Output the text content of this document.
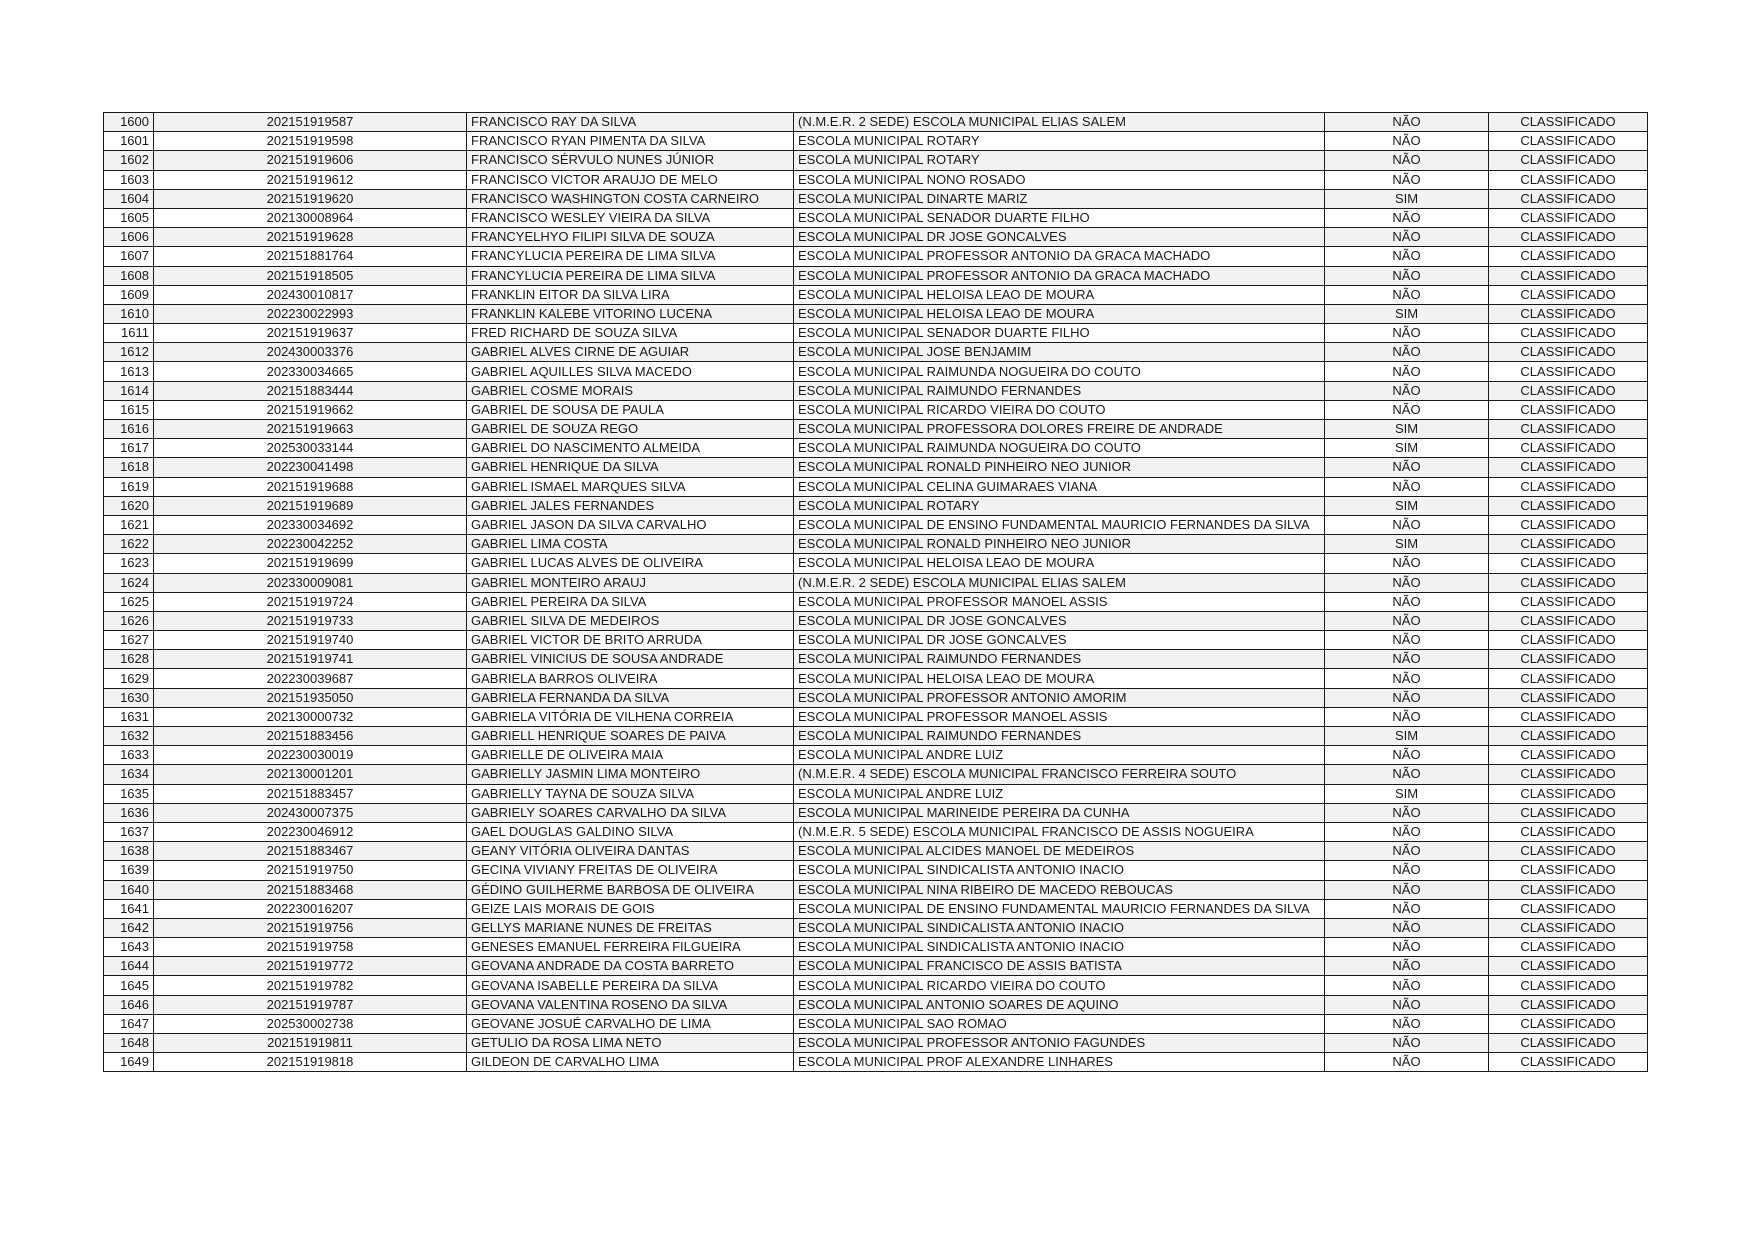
1600	202151919587	FRANCISCO RAY DA SILVA	(N.M.E.R. 2 SEDE) ESCOLA MUNICIPAL ELIAS SALEM	NÃO	CLASSIFICADO
1601	202151919598	FRANCISCO RYAN PIMENTA DA SILVA	ESCOLA MUNICIPAL ROTARY	NÃO	CLASSIFICADO
1602	202151919606	FRANCISCO SÉRVULO NUNES JÚNIOR	ESCOLA MUNICIPAL ROTARY	NÃO	CLASSIFICADO
1603	202151919612	FRANCISCO VICTOR ARAUJO DE MELO	ESCOLA MUNICIPAL NONO ROSADO	NÃO	CLASSIFICADO
1604	202151919620	FRANCISCO WASHINGTON COSTA CARNEIRO	ESCOLA MUNICIPAL DINARTE MARIZ	SIM	CLASSIFICADO
1605	202130008964	FRANCISCO WESLEY VIEIRA DA SILVA	ESCOLA MUNICIPAL SENADOR DUARTE FILHO	NÃO	CLASSIFICADO
1606	202151919628	FRANCYELHYO FILIPI SILVA DE SOUZA	ESCOLA MUNICIPAL DR JOSE GONCALVES	NÃO	CLASSIFICADO
1607	202151881764	FRANCYLUCIA PEREIRA DE LIMA SILVA	ESCOLA MUNICIPAL PROFESSOR ANTONIO DA GRACA MACHADO	NÃO	CLASSIFICADO
1608	202151918505	FRANCYLUCIA PEREIRA DE LIMA SILVA	ESCOLA MUNICIPAL PROFESSOR ANTONIO DA GRACA MACHADO	NÃO	CLASSIFICADO
1609	202430010817	FRANKLIN EITOR DA SILVA LIRA	ESCOLA MUNICIPAL HELOISA LEAO DE MOURA	NÃO	CLASSIFICADO
1610	202230022993	FRANKLIN KALEBE VITORINO LUCENA	ESCOLA MUNICIPAL HELOISA LEAO DE MOURA	SIM	CLASSIFICADO
1611	202151919637	FRED RICHARD DE SOUZA SILVA	ESCOLA MUNICIPAL SENADOR DUARTE FILHO	NÃO	CLASSIFICADO
1612	202430003376	GABRIEL ALVES CIRNE DE AGUIAR	ESCOLA MUNICIPAL JOSE BENJAMIM	NÃO	CLASSIFICADO
1613	202330034665	GABRIEL AQUILLES SILVA MACEDO	ESCOLA MUNICIPAL RAIMUNDA NOGUEIRA DO COUTO	NÃO	CLASSIFICADO
1614	202151883444	GABRIEL COSME MORAIS	ESCOLA MUNICIPAL RAIMUNDO FERNANDES	NÃO	CLASSIFICADO
1615	202151919662	GABRIEL DE SOUSA DE PAULA	ESCOLA MUNICIPAL RICARDO VIEIRA DO COUTO	NÃO	CLASSIFICADO
1616	202151919663	GABRIEL DE SOUZA REGO	ESCOLA MUNICIPAL PROFESSORA DOLORES FREIRE DE ANDRADE	SIM	CLASSIFICADO
1617	202530033144	GABRIEL DO NASCIMENTO ALMEIDA	ESCOLA MUNICIPAL RAIMUNDA NOGUEIRA DO COUTO	SIM	CLASSIFICADO
1618	202230041498	GABRIEL HENRIQUE DA SILVA	ESCOLA MUNICIPAL RONALD PINHEIRO NEO JUNIOR	NÃO	CLASSIFICADO
1619	202151919688	GABRIEL ISMAEL MARQUES SILVA	ESCOLA MUNICIPAL CELINA GUIMARAES VIANA	NÃO	CLASSIFICADO
1620	202151919689	GABRIEL JALES FERNANDES	ESCOLA MUNICIPAL ROTARY	SIM	CLASSIFICADO
1621	202330034692	GABRIEL JASON DA SILVA CARVALHO	ESCOLA MUNICIPAL DE ENSINO FUNDAMENTAL MAURICIO FERNANDES DA SILVA	NÃO	CLASSIFICADO
1622	202230042252	GABRIEL LIMA COSTA	ESCOLA MUNICIPAL RONALD PINHEIRO NEO JUNIOR	SIM	CLASSIFICADO
1623	202151919699	GABRIEL LUCAS ALVES DE OLIVEIRA	ESCOLA MUNICIPAL HELOISA LEAO DE MOURA	NÃO	CLASSIFICADO
1624	202330009081	GABRIEL MONTEIRO ARAUJ	(N.M.E.R. 2 SEDE) ESCOLA MUNICIPAL ELIAS SALEM	NÃO	CLASSIFICADO
1625	202151919724	GABRIEL PEREIRA DA SILVA	ESCOLA MUNICIPAL PROFESSOR MANOEL ASSIS	NÃO	CLASSIFICADO
1626	202151919733	GABRIEL SILVA DE MEDEIROS	ESCOLA MUNICIPAL DR JOSE GONCALVES	NÃO	CLASSIFICADO
1627	202151919740	GABRIEL VICTOR DE BRITO ARRUDA	ESCOLA MUNICIPAL DR JOSE GONCALVES	NÃO	CLASSIFICADO
1628	202151919741	GABRIEL VINICIUS DE SOUSA ANDRADE	ESCOLA MUNICIPAL RAIMUNDO FERNANDES	NÃO	CLASSIFICADO
1629	202230039687	GABRIELA BARROS OLIVEIRA	ESCOLA MUNICIPAL HELOISA LEAO DE MOURA	NÃO	CLASSIFICADO
1630	202151935050	GABRIELA FERNANDA DA SILVA	ESCOLA MUNICIPAL PROFESSOR ANTONIO AMORIM	NÃO	CLASSIFICADO
1631	202130000732	GABRIELA VITÓRIA DE VILHENA CORREIA	ESCOLA MUNICIPAL PROFESSOR MANOEL ASSIS	NÃO	CLASSIFICADO
1632	202151883456	GABRIELL HENRIQUE SOARES DE PAIVA	ESCOLA MUNICIPAL RAIMUNDO FERNANDES	SIM	CLASSIFICADO
1633	202230030019	GABRIELLE DE OLIVEIRA MAIA	ESCOLA MUNICIPAL ANDRE LUIZ	NÃO	CLASSIFICADO
1634	202130001201	GABRIELLY JASMIN LIMA MONTEIRO	(N.M.E.R. 4 SEDE) ESCOLA MUNICIPAL FRANCISCO FERREIRA SOUTO	NÃO	CLASSIFICADO
1635	202151883457	GABRIELLY TAYNA DE SOUZA SILVA	ESCOLA MUNICIPAL ANDRE LUIZ	SIM	CLASSIFICADO
1636	202430007375	GABRIELY SOARES CARVALHO DA SILVA	ESCOLA MUNICIPAL MARINEIDE PEREIRA DA CUNHA	NÃO	CLASSIFICADO
1637	202230046912	GAEL DOUGLAS GALDINO SILVA	(N.M.E.R. 5 SEDE) ESCOLA MUNICIPAL FRANCISCO DE ASSIS NOGUEIRA	NÃO	CLASSIFICADO
1638	202151883467	GEANY VITÓRIA OLIVEIRA DANTAS	ESCOLA MUNICIPAL ALCIDES MANOEL DE MEDEIROS	NÃO	CLASSIFICADO
1639	202151919750	GECINA VIVIANY FREITAS DE OLIVEIRA	ESCOLA MUNICIPAL SINDICALISTA ANTONIO INACIO	NÃO	CLASSIFICADO
1640	202151883468	GÉDINO GUILHERME BARBOSA DE OLIVEIRA	ESCOLA MUNICIPAL NINA RIBEIRO DE MACEDO REBOUCAS	NÃO	CLASSIFICADO
1641	202230016207	GEIZE LAIS MORAIS DE GOIS	ESCOLA MUNICIPAL DE ENSINO FUNDAMENTAL MAURICIO FERNANDES DA SILVA	NÃO	CLASSIFICADO
1642	202151919756	GELLYS MARIANE NUNES DE FREITAS	ESCOLA MUNICIPAL SINDICALISTA ANTONIO INACIO	NÃO	CLASSIFICADO
1643	202151919758	GENESES EMANUEL FERREIRA FILGUEIRA	ESCOLA MUNICIPAL SINDICALISTA ANTONIO INACIO	NÃO	CLASSIFICADO
1644	202151919772	GEOVANA ANDRADE DA COSTA BARRETO	ESCOLA MUNICIPAL FRANCISCO DE ASSIS BATISTA	NÃO	CLASSIFICADO
1645	202151919782	GEOVANA ISABELLE PEREIRA DA SILVA	ESCOLA MUNICIPAL RICARDO VIEIRA DO COUTO	NÃO	CLASSIFICADO
1646	202151919787	GEOVANA VALENTINA ROSENO DA SILVA	ESCOLA MUNICIPAL ANTONIO SOARES DE AQUINO	NÃO	CLASSIFICADO
1647	202530002738	GEOVANE JOSUÉ CARVALHO DE LIMA	ESCOLA MUNICIPAL SAO ROMAO	NÃO	CLASSIFICADO
1648	202151919811	GETULIO DA ROSA LIMA NETO	ESCOLA MUNICIPAL PROFESSOR ANTONIO FAGUNDES	NÃO	CLASSIFICADO
1649	202151919818	GILDEON DE CARVALHO LIMA	ESCOLA MUNICIPAL PROF ALEXANDRE LINHARES	NÃO	CLASSIFICADO
